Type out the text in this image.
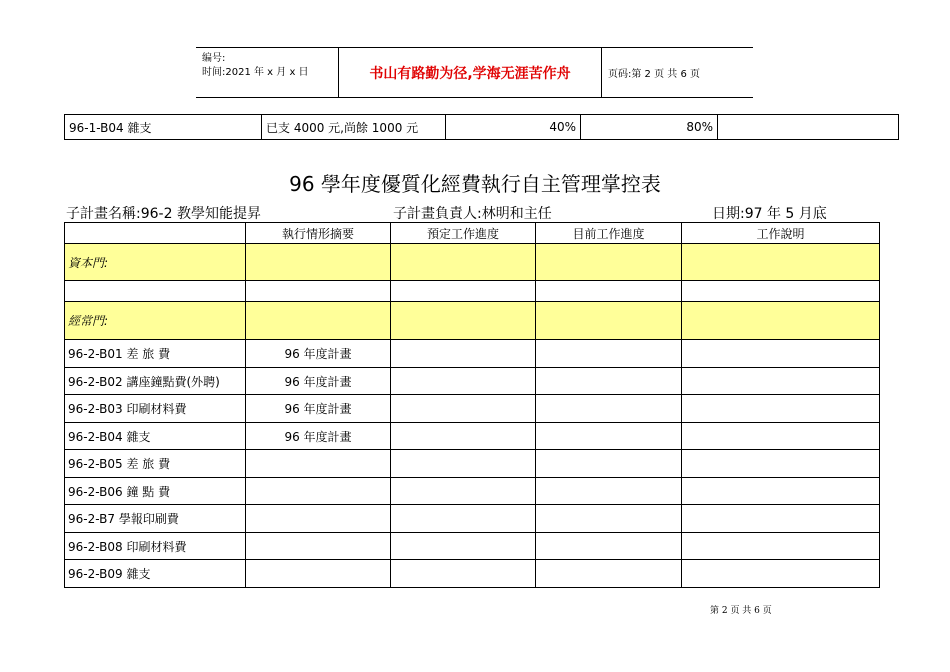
编号:
时间:2021 年 x 月 x 日	书山有路勤为径,学海无涯苦作舟	页码:第 2 页 共 6 页
96-1-B04 雜支	已支 4000 元,尚餘 1000 元	40%	80%
96 學年度優質化經費執行自主管理掌控表
子計畫名稱:96-2 教學知能提昇	子計畫負責人:林明和主任	日期:97 年 5 月底
	執行情形摘要	預定工作進度	目前工作進度	工作說明
資本門:				

經常門:				
96-2-B01 差 旅 費	96 年度計畫			
96-2-B02 講座鐘點費(外聘)	96 年度計畫			
96-2-B03 印刷材料費	96 年度計畫			
96-2-B04 雜支	96 年度計畫			
96-2-B05 差 旅 費				
96-2-B06 鐘 點 費				
96-2-B7 學報印刷費				
96-2-B08 印刷材料費				
96-2-B09 雜支				
第 2 页 共 6 页
